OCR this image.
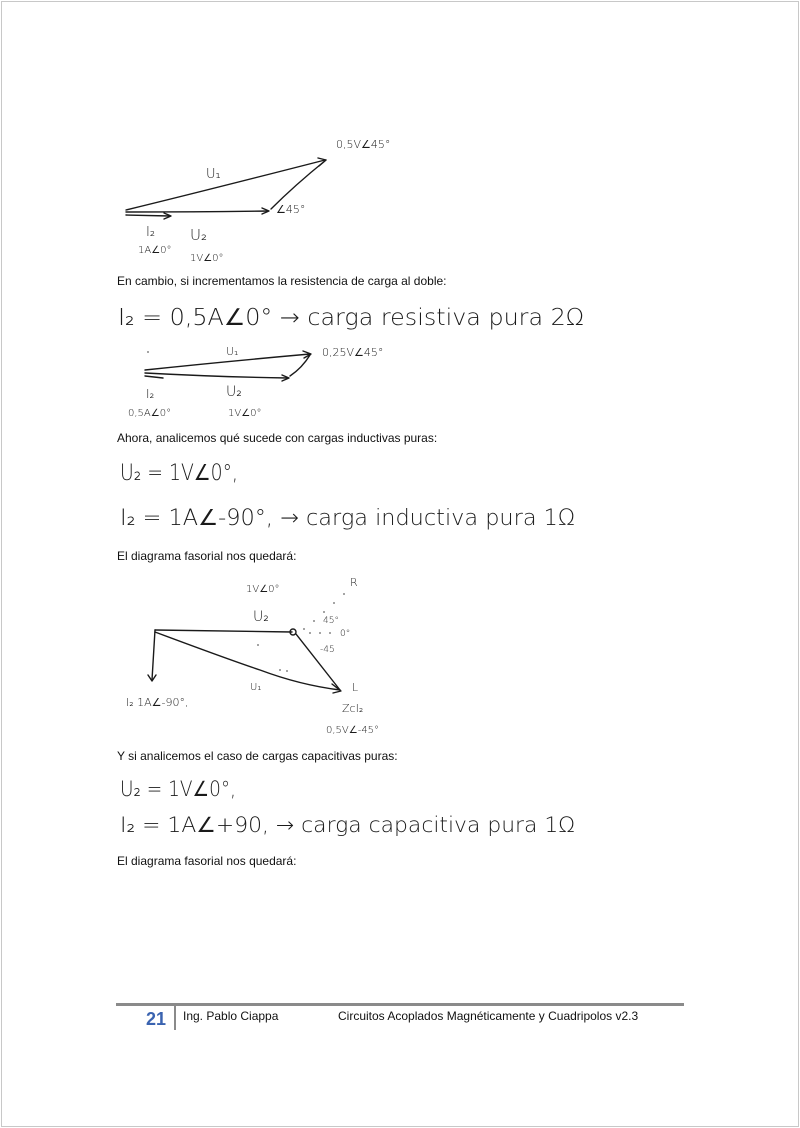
U₁
0,5V∠45°
∠45°
I₂
1A∠0°
U₂
1V∠0°
I₂ = 0,5A∠0° → carga resistiva pura 2Ω
U₁	0,25V∠45°
I₂
0,5A∠0°
U₂
1V∠0°
U₂ = 1V∠0°,
I₂ = 1A∠-90°, → carga inductiva pura 1Ω
1V∠0°
U₂
R
45°
0°
-45
U₁	L
I₂ 1A∠-90°,	ZcI₂
0,5V∠-45°
U₂ = 1V∠0°,
I₂ = 1A∠+90, → carga capacitiva pura 1Ω
En cambio, si incrementamos la resistencia de carga al doble:
Ahora, analicemos qué sucede con cargas inductivas puras:
El diagrama fasorial nos quedará:
Y si analicemos el caso de cargas capacitivas puras:
El diagrama fasorial nos quedará:
21 Ing. Pablo Ciappa	Circuitos Acoplados Magnéticamente y Cuadripolos v2.3
